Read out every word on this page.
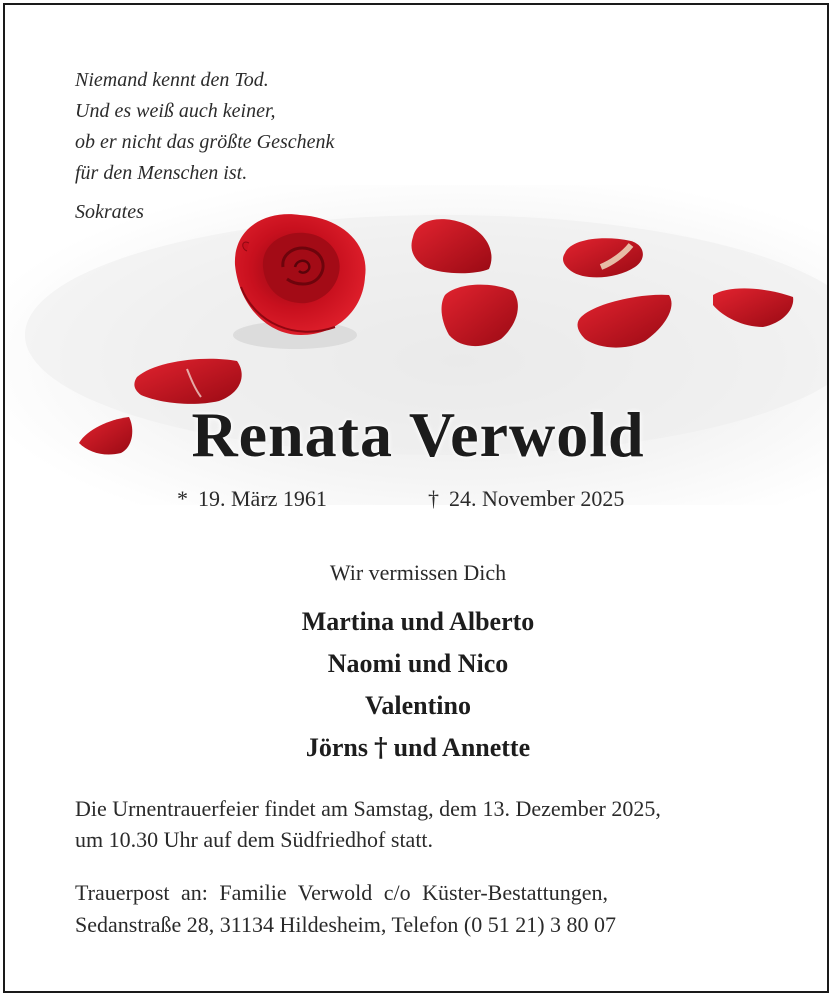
Niemand kennt den Tod.
Und es weiß auch keiner,
ob er nicht das größte Geschenk
für den Menschen ist.
Sokrates
Renata Verwold
* 19. März 1961	† 24. November 2025
Wir vermissen Dich
Martina und Alberto
Naomi und Nico
Valentino
Jörns † und Annette
Die Urnentrauerfeier findet am Samstag, dem 13. Dezember 2025,
um 10.30 Uhr auf dem Südfriedhof statt.
Trauerpost an: Familie Verwold c/o Küster-Bestattungen,
Sedanstraße 28, 31134 Hildesheim, Telefon (0 51 21) 3 80 07
